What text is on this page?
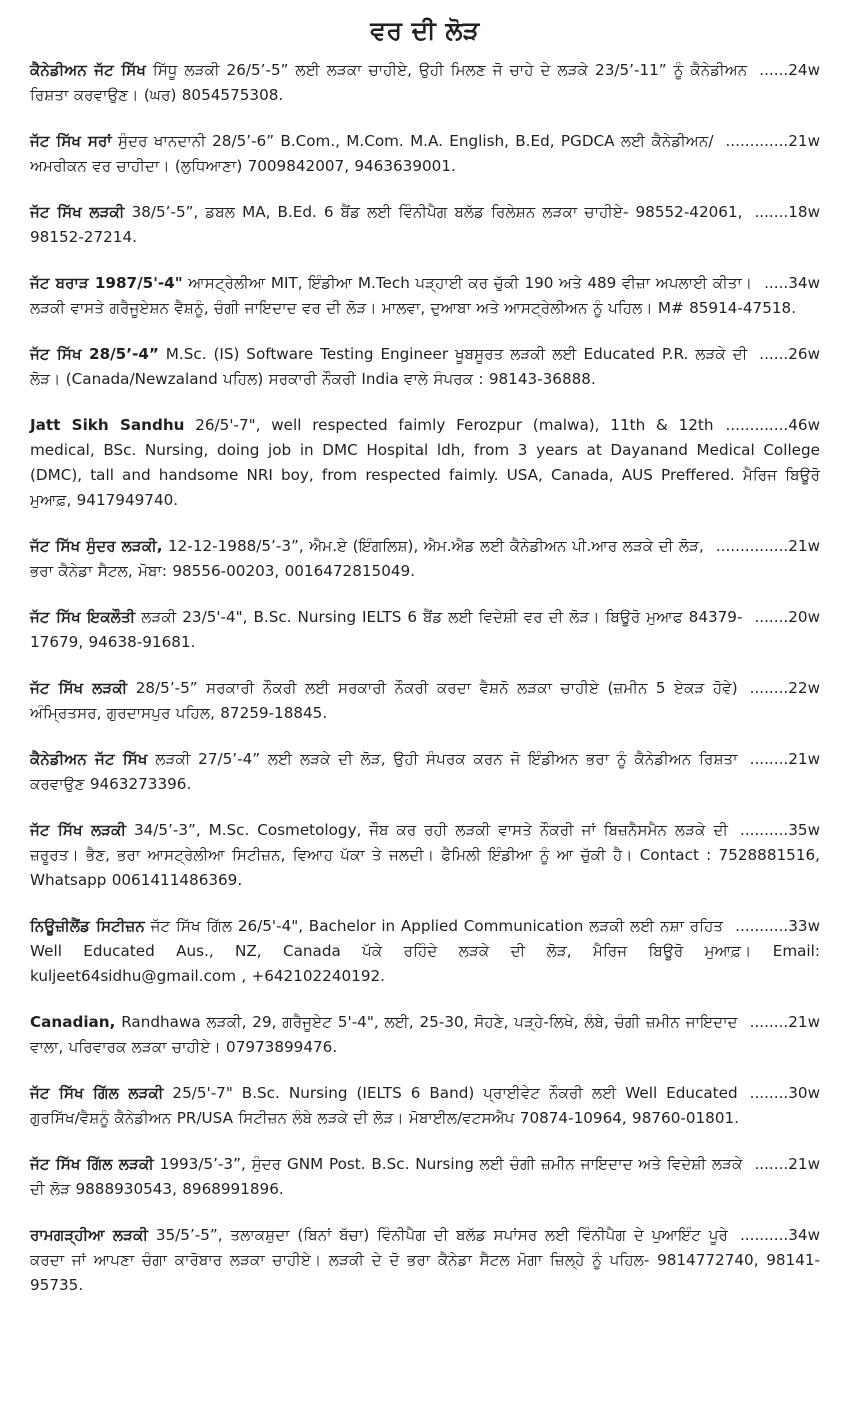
ਵਰ ਦੀ ਲੋੜ
......24w
ਕੈਨੇਡੀਅਨ ਜੱਟ ਸਿੱਖ ਸਿੱਧੂ ਲੜਕੀ 26/5’-5” ਲਈ ਲੜਕਾ ਚਾਹੀਏ, ਉਹੀ ਮਿਲਣ ਜੋ ਚਾਹੇ ਦੇ ਲੜਕੇ 23/5’-11” ਨੂੰ ਕੈਨੇਡੀਅਨ ਰਿਸ਼ਤਾ ਕਰਵਾਉਣ। (ਘਰ) 8054575308.
.............21w
ਜੱਟ ਸਿੱਖ ਸਰਾਂ ਸੁੰਦਰ ਖਾਨਦਾਨੀ 28/5’-6” B.Com., M.Com. M.A. English, B.Ed, PGDCA ਲਈ ਕੈਨੇਡੀਅਨ/ਅਮਰੀਕਨ ਵਰ ਚਾਹੀਦਾ। (ਲੁਧਿਆਣਾ) 7009842007, 9463639001.
.......18w
ਜੱਟ ਸਿੱਖ ਲੜਕੀ 38/5’-5”, ਡਬਲ MA, B.Ed. 6 ਬੈਂਡ ਲਈ ਵਿੰਨੀਪੈਗ ਬਲੱਡ ਰਿਲੇਸ਼ਨ ਲੜਕਾ ਚਾਹੀਏ- 98552-42061, 98152-27214.
.....34w
ਜੱਟ ਬਰਾੜ 1987/5'-4" ਆਸਟ੍ਰੇਲੀਆ MIT, ਇੰਡੀਆ M.Tech ਪੜ੍ਹਾਈ ਕਰ ਚੁੱਕੀ 190 ਅਤੇ 489 ਵੀਜ਼ਾ ਅਪਲਾਈ ਕੀਤਾ। ਲੜਕੀ ਵਾਸਤੇ ਗਰੈਜੂਏਸ਼ਨ ਵੈਸ਼ਨੂੰ, ਚੰਗੀ ਜਾਇਦਾਦ ਵਰ ਦੀ ਲੋੜ। ਮਾਲਵਾ, ਦੁਆਬਾ ਅਤੇ ਆਸਟ੍ਰੇਲੀਅਨ ਨੂੰ ਪਹਿਲ। M# 85914-47518.
......26w
ਜੱਟ ਸਿੱਖ 28/5’-4” M.Sc. (IS) Software Testing Engineer ਖੂਬਸੂਰਤ ਲੜਕੀ ਲਈ Educated P.R. ਲੜਕੇ ਦੀ ਲੋੜ। (Canada/Newzaland ਪਹਿਲ) ਸਰਕਾਰੀ ਨੌਕਰੀ India ਵਾਲੇ ਸੰਪਰਕ : 98143-36888.
.............46w
Jatt Sikh Sandhu 26/5'-7", well respected faimly Ferozpur (malwa), 11th & 12th medical, BSc. Nursing, doing job in DMC Hospital ldh, from 3 years at Dayanand Medical College (DMC), tall and handsome NRI boy, from respected faimly. USA, Canada, AUS Preffered. ਮੈਰਿਜ ਬਿਊਰੋ ਮੁਆਫ਼, 9417949740.
...............21w
ਜੱਟ ਸਿੱਖ ਸੁੰਦਰ ਲੜਕੀ, 12-12-1988/5’-3”, ਐਮ.ਏ (ਇੰਗਲਿਸ਼), ਐਮ.ਐਡ ਲਈ ਕੈਨੇਡੀਅਨ ਪੀ.ਆਰ ਲੜਕੇ ਦੀ ਲੋੜ, ਭਰਾ ਕੈਨੇਡਾ ਸੈਟਲ, ਮੋਬਾ: 98556-00203, 0016472815049.
.......20w
ਜੱਟ ਸਿੱਖ ਇਕਲੌਤੀ ਲੜਕੀ 23/5'-4", B.Sc. Nursing IELTS 6 ਬੈਂਡ ਲਈ ਵਿਦੇਸ਼ੀ ਵਰ ਦੀ ਲੋੜ। ਬਿਊਰੋ ਮੁਆਫ 84379-17679, 94638-91681.
........22w
ਜੱਟ ਸਿੱਖ ਲੜਕੀ 28/5’-5” ਸਰਕਾਰੀ ਨੌਕਰੀ ਲਈ ਸਰਕਾਰੀ ਨੌਕਰੀ ਕਰਦਾ ਵੈਸ਼ਨੋ ਲੜਕਾ ਚਾਹੀਏ (ਜ਼ਮੀਨ 5 ਏਕੜ ਹੋਵੇ) ਅੰਮ੍ਰਿਤਸਰ, ਗੁਰਦਾਸਪੁਰ ਪਹਿਲ, 87259-18845.
........21w
ਕੈਨੇਡੀਅਨ ਜੱਟ ਸਿੱਖ ਲੜਕੀ 27/5’-4” ਲਈ ਲੜਕੇ ਦੀ ਲੋੜ, ਉਹੀ ਸੰਪਰਕ ਕਰਨ ਜੋ ਇੰਡੀਅਨ ਭਰਾ ਨੂੰ ਕੈਨੇਡੀਅਨ ਰਿਸ਼ਤਾ ਕਰਵਾਉਣ 9463273396.
..........35w
ਜੱਟ ਸਿੱਖ ਲੜਕੀ 34/5’-3”, M.Sc. Cosmetology, ਜੌਬ ਕਰ ਰਹੀ ਲੜਕੀ ਵਾਸਤੇ ਨੌਕਰੀ ਜਾਂ ਬਿਜ਼ਨੈਸਮੈਨ ਲੜਕੇ ਦੀ ਜ਼ਰੂਰਤ। ਭੈਣ, ਭਰਾ ਆਸਟ੍ਰੇਲੀਆ ਸਿਟੀਜ਼ਨ, ਵਿਆਹ ਪੱਕਾ ਤੇ ਜਲਦੀ। ਫੈਮਿਲੀ ਇੰਡੀਆ ਨੂੰ ਆ ਚੁੱਕੀ ਹੈ। Contact : 7528881516, Whatsapp 0061411486369.
...........33w
ਨਿਊਜ਼ੀਲੈਂਡ ਸਿਟੀਜ਼ਨ ਜੱਟ ਸਿੱਖ ਗਿੱਲ 26/5'-4", Bachelor in Applied Communication ਲੜਕੀ ਲਈ ਨਸ਼ਾ ਰਹਿਤ Well Educated Aus., NZ, Canada ਪੱਕੇ ਰਹਿੰਦੇ ਲੜਕੇ ਦੀ ਲੋੜ, ਮੈਰਿਜ ਬਿਊਰੋ ਮੁਆਫ਼। Email: kuljeet64sidhu@gmail.com , +642102240192.
........21w
Canadian, Randhawa ਲੜਕੀ, 29, ਗਰੈਜੂਏਟ 5'-4", ਲਈ, 25-30, ਸੋਹਣੇ, ਪੜ੍ਹੇ-ਲਿਖੇ, ਲੰਬੇ, ਚੰਗੀ ਜ਼ਮੀਨ ਜਾਇਦਾਦ ਵਾਲਾ, ਪਰਿਵਾਰਕ ਲੜਕਾ ਚਾਹੀਏ। 07973899476.
........30w
ਜੱਟ ਸਿੱਖ ਗਿੱਲ ਲੜਕੀ 25/5'-7" B.Sc. Nursing (IELTS 6 Band) ਪ੍ਰਾਈਵੇਟ ਨੌਕਰੀ ਲਈ Well Educated ਗੁਰਸਿੱਖ/ਵੈਸ਼ਨੂੰ ਕੈਨੇਡੀਅਨ PR/USA ਸਿਟੀਜ਼ਨ ਲੰਬੇ ਲੜਕੇ ਦੀ ਲੋੜ। ਮੋਬਾਈਲ/ਵਟਸਐਪ 70874-10964, 98760-01801.
.......21w
ਜੱਟ ਸਿੱਖ ਗਿੱਲ ਲੜਕੀ 1993/5’-3”, ਸੁੰਦਰ GNM Post. B.Sc. Nursing ਲਈ ਚੰਗੀ ਜ਼ਮੀਨ ਜਾਇਦਾਦ ਅਤੇ ਵਿਦੇਸ਼ੀ ਲੜਕੇ ਦੀ ਲੋੜ 9888930543, 8968991896.
..........34w
ਰਾਮਗੜ੍ਹੀਆ ਲੜਕੀ 35/5’-5”, ਤਲਾਕਸ਼ੁਦਾ (ਬਿਨਾਂ ਬੱਚਾ) ਵਿੰਨੀਪੈਗ ਦੀ ਬਲੱਡ ਸਪਾਂਸਰ ਲਈ ਵਿੰਨੀਪੈਗ ਦੇ ਪੁਆਇੰਟ ਪੂਰੇ ਕਰਦਾ ਜਾਂ ਆਪਣਾ ਚੰਗਾ ਕਾਰੋਬਾਰ ਲੜਕਾ ਚਾਹੀਏ। ਲੜਕੀ ਦੇ ਦੋ ਭਰਾ ਕੈਨੇਡਾ ਸੈਟਲ ਮੋਗਾ ਜ਼ਿਲ੍ਹੇ ਨੂੰ ਪਹਿਲ- 9814772740, 98141-95735.
